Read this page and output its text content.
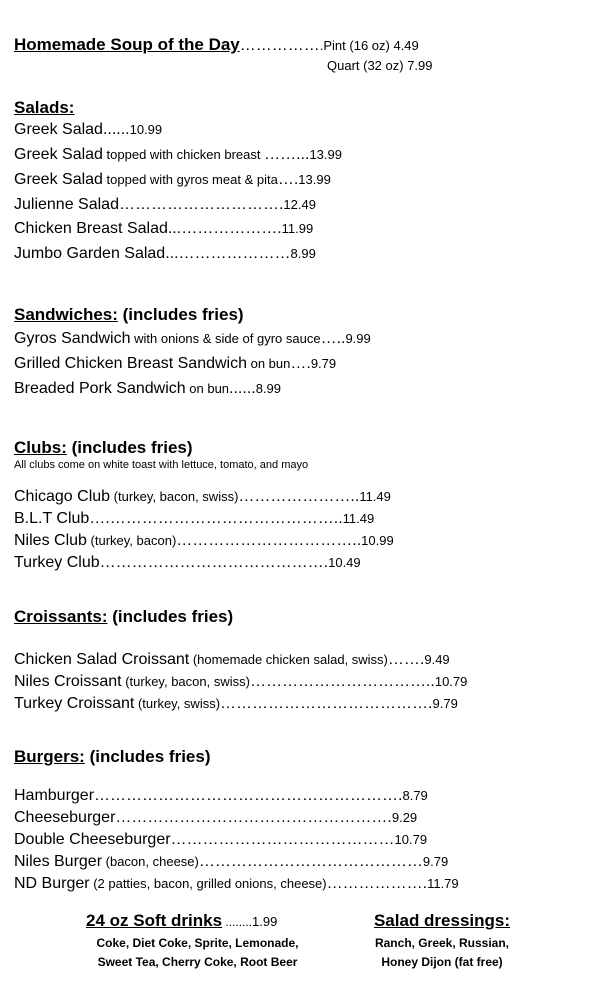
Homemade Soup of the Day…………….Pint (16 oz) 4.49
Quart (32 oz) 7.99
Salads:
Greek Salad......10.99
Greek Salad topped with chicken breast ……...13.99
Greek Salad topped with gyros meat & pita….13.99
Julienne Salad………………………….12.49
Chicken Breast Salad...……………….11.99
Jumbo Garden Salad...…………………8.99
Sandwiches: (includes fries)
Gyros Sandwich with onions & side of gyro sauce…..9.99
Grilled Chicken Breast Sandwich on bun….9.79
Breaded Pork Sandwich on bun......8.99
Clubs: (includes fries)
All clubs come on white toast with lettuce, tomato, and mayo
Chicago Club (turkey, bacon, swiss)…………………..11.49
B.L.T Club….……………………………………..11.49
Niles Club (turkey, bacon)……………………………..10.99
Turkey Club…………………………………….10.49
Croissants: (includes fries)
Chicken Salad Croissant (homemade chicken salad, swiss)…….9.49
Niles Croissant (turkey, bacon, swiss)……………………………..10.79
Turkey Croissant (turkey, swiss)………………………………….9.79
Burgers: (includes fries)
Hamburger………………………………………………….8.79
Cheeseburger…………………………………………….9.29
Double Cheeseburger……………………………………10.79
Niles Burger (bacon, cheese)……………………………………9.79
ND Burger (2 patties, bacon, grilled onions, cheese)……………….11.79
24 oz Soft drinks ........1.99
Coke, Diet Coke, Sprite, Lemonade,
Sweet Tea, Cherry Coke, Root Beer
Salad dressings:
Ranch, Greek, Russian,
Honey Dijon (fat free)
